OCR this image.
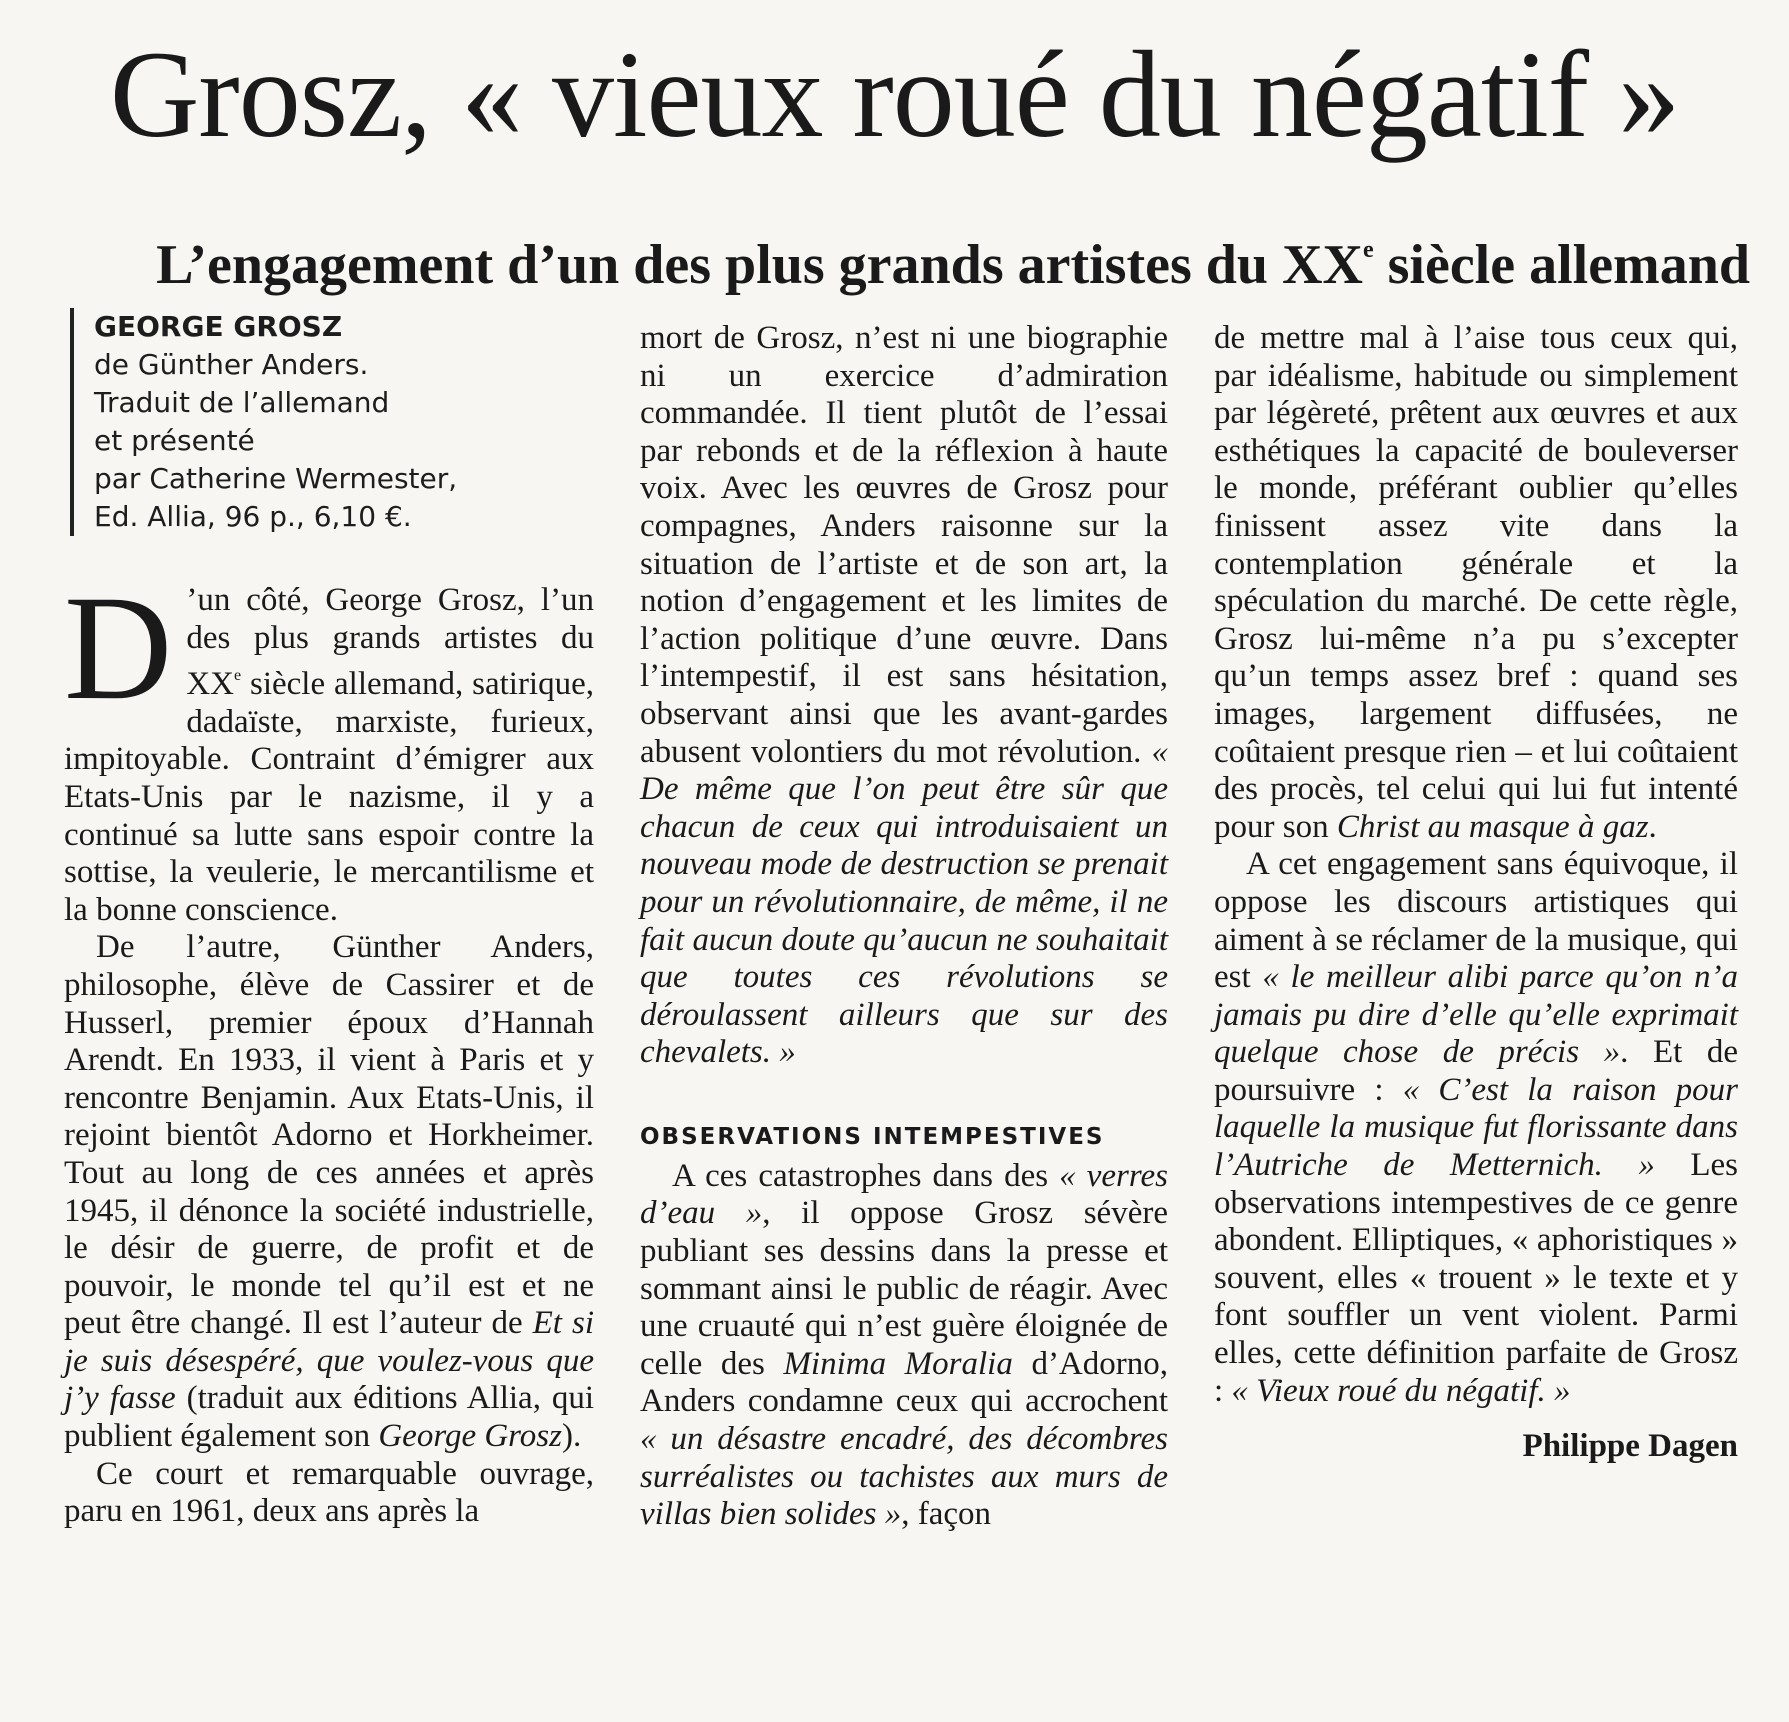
Grosz, « vieux roué du négatif »
L’engagement d’un des plus grands artistes du XXe siècle allemand
GEORGE GROSZ
de Günther Anders.
Traduit de l’allemand
et présenté
par Catherine Wermester,
Ed. Allia, 96 p., 6,10 €.

D ’un côté, George Grosz, l’un des plus grands artistes du XXe siècle allemand, satirique, dadaïste, marxiste, furieux, impitoyable. Contraint d’émigrer aux Etats-Unis par le nazisme, il y a continué sa lutte sans espoir contre la sottise, la veulerie, le mercantilisme et la bonne conscience.

De l’autre, Günther Anders, philosophe, élève de Cassirer et de Husserl, premier époux d’Hannah Arendt. En 1933, il vient à Paris et y rencontre Benjamin. Aux Etats-Unis, il rejoint bientôt Adorno et Horkheimer. Tout au long de ces années et après 1945, il dénonce la société industrielle, le désir de guerre, de profit et de pouvoir, le monde tel qu’il est et ne peut être changé. Il est l’auteur de Et si je suis désespéré, que voulez-vous que j’y fasse (traduit aux éditions Allia, qui publient également son George Grosz).

Ce court et remarquable ouvrage, paru en 1961, deux ans après la

mort de Grosz, n’est ni une biographie ni un exercice d’admiration commandée. Il tient plutôt de l’essai par rebonds et de la réflexion à haute voix. Avec les œuvres de Grosz pour compagnes, Anders raisonne sur la situation de l’artiste et de son art, la notion d’engagement et les limites de l’action politique d’une œuvre. Dans l’intempestif, il est sans hésitation, observant ainsi que les avant-gardes abusent volontiers du mot révolution. « De même que l’on peut être sûr que chacun de ceux qui introduisaient un nouveau mode de destruction se prenait pour un révolutionnaire, de même, il ne fait aucun doute qu’aucun ne souhaitait que toutes ces révolutions se déroulassent ailleurs que sur des chevalets. »

OBSERVATIONS INTEMPESTIVES

A ces catastrophes dans des « verres d’eau », il oppose Grosz sévère publiant ses dessins dans la presse et sommant ainsi le public de réagir. Avec une cruauté qui n’est guère éloignée de celle des Minima Moralia d’Adorno, Anders condamne ceux qui accrochent « un désastre encadré, des décombres surréalistes ou tachistes aux murs de villas bien solides », façon

de mettre mal à l’aise tous ceux qui, par idéalisme, habitude ou simplement par légèreté, prêtent aux œuvres et aux esthétiques la capacité de bouleverser le monde, préférant oublier qu’elles finissent assez vite dans la contemplation générale et la spéculation du marché. De cette règle, Grosz lui-même n’a pu s’excepter qu’un temps assez bref : quand ses images, largement diffusées, ne coûtaient presque rien – et lui coûtaient des procès, tel celui qui lui fut intenté pour son Christ au masque à gaz.

A cet engagement sans équivoque, il oppose les discours artistiques qui aiment à se réclamer de la musique, qui est « le meilleur alibi parce qu’on n’a jamais pu dire d’elle qu’elle exprimait quelque chose de précis ». Et de poursuivre : « C’est la raison pour laquelle la musique fut florissante dans l’Autriche de Metternich. » Les observations intempestives de ce genre abondent. Elliptiques, « aphoristiques » souvent, elles « trouent » le texte et y font souffler un vent violent. Parmi elles, cette définition parfaite de Grosz : « Vieux roué du négatif. »

Philippe Dagen
